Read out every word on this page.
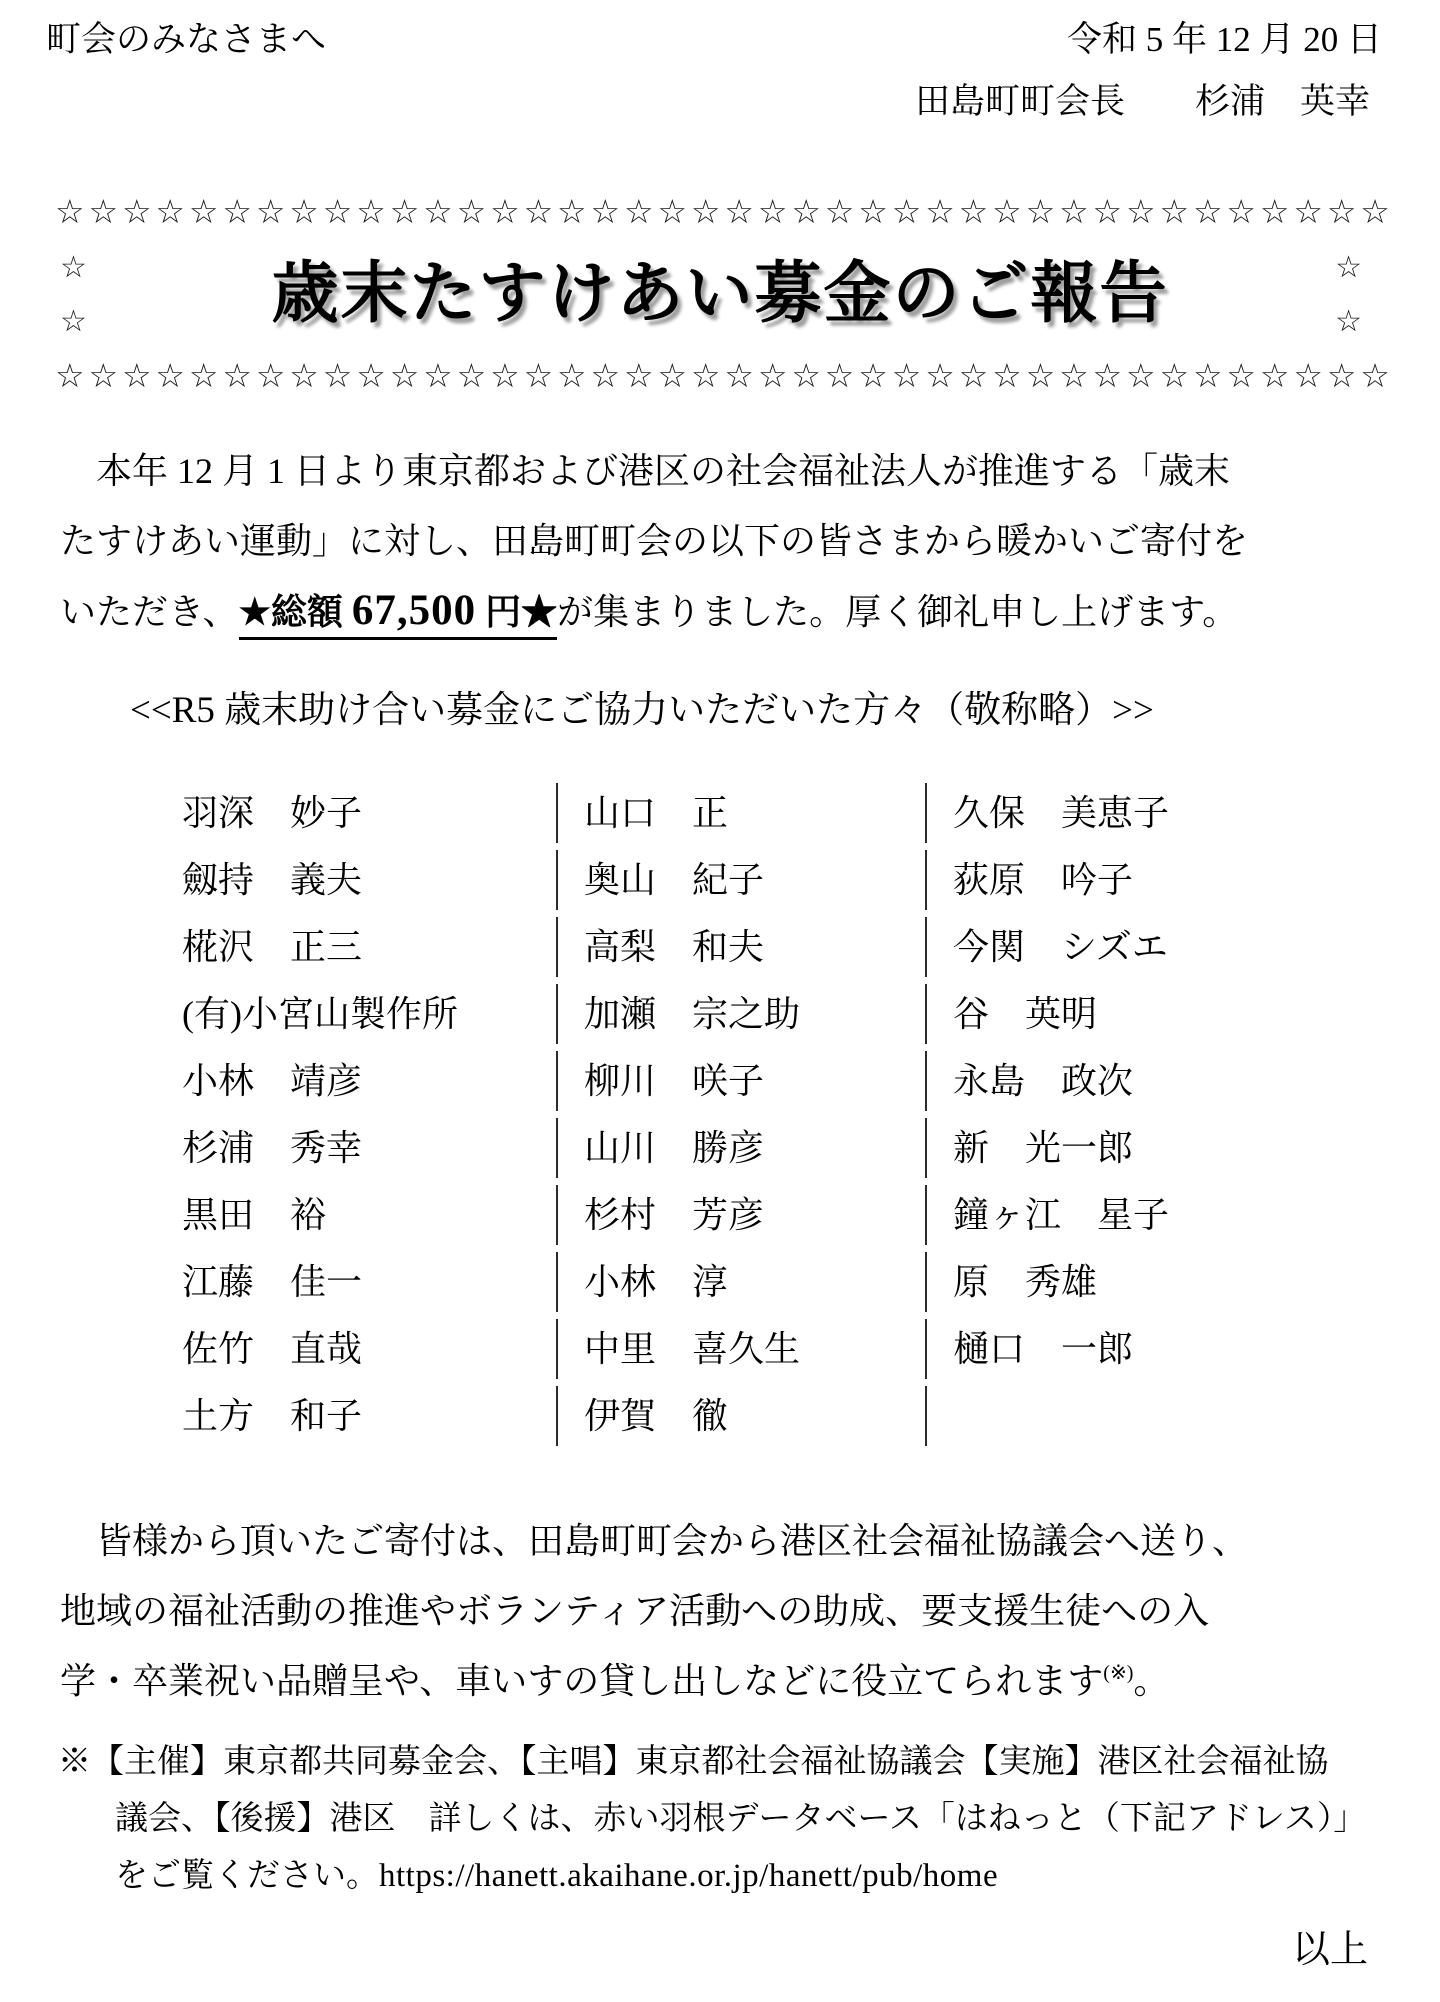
町会のみなさまへ	令和 5 年 12 月 20 日
田島町町会長　　杉浦　英幸
☆ ☆ ☆ ☆ ☆ ☆ ☆ ☆ ☆ ☆ ☆ ☆ ☆ ☆ ☆ ☆ ☆ ☆ ☆ ☆ ☆ ☆ ☆ ☆ ☆ ☆ ☆ ☆ ☆ ☆ ☆ ☆ ☆ ☆ ☆ ☆ ☆ ☆ ☆ ☆
☆
☆	歳末たすけあい募金のご報告	☆
☆
☆ ☆ ☆ ☆ ☆ ☆ ☆ ☆ ☆ ☆ ☆ ☆ ☆ ☆ ☆ ☆ ☆ ☆ ☆ ☆ ☆ ☆ ☆ ☆ ☆ ☆ ☆ ☆ ☆ ☆ ☆ ☆ ☆ ☆ ☆ ☆ ☆ ☆ ☆ ☆
　本年 12 月 1 日より東京都および港区の社会福祉法人が推進する「歳末
たすけあい運動」に対し、田島町町会の以下の皆さまから暖かいご寄付を
いただき、★総額 67,500 円★が集まりました。厚く御礼申し上げます。
<<R5 歳末助け合い募金にご協力いただいた方々（敬称略）>>
羽深　妙子	山口　正	久保　美恵子
劔持　義夫	奥山　紀子	荻原　吟子
椛沢　正三	高梨　和夫	今関　シズエ
(有)小宮山製作所	加瀬　宗之助	谷　英明
小林　靖彦	柳川　咲子	永島　政次
杉浦　秀幸	山川　勝彦	新　光一郎
黒田　裕	杉村　芳彦	鐘ヶ江　星子
江藤　佳一	小林　淳	原　秀雄
佐竹　直哉	中里　喜久生	樋口　一郎
土方　和子	伊賀　徹
　皆様から頂いたご寄付は、田島町町会から港区社会福祉協議会へ送り、
地域の福祉活動の推進やボランティア活動への助成、要支援生徒への入
学・卒業祝い品贈呈や、車いすの貸し出しなどに役立てられます(※)。
※【主催】東京都共同募金会、【主唱】東京都社会福祉協議会【実施】港区社会福祉協
議会、【後援】港区　詳しくは、赤い羽根データベース「はねっと（下記アドレス）」
をご覧ください。https://hanett.akaihane.or.jp/hanett/pub/home
以上
